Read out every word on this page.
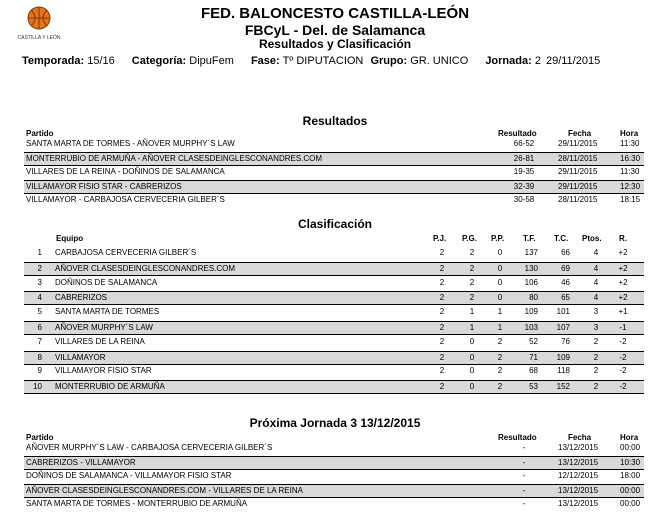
CASTILLA Y LEÓN
FED. BALONCESTO CASTILLA-LEÓN
FBCyL - Del. de Salamanca
Resultados y Clasificación
Temporada: 15/16 Categoría: DipuFem Fase: Tº DIPUTACION Grupo: GR. UNICO Jornada: 2 29/11/2015
Resultados
Partido	Resultado	Fecha	Hora
SANTA MARTA DE TORMES - AÑOVER MURPHY´S LAW	66-52	29/11/2015	11:30
MONTERRUBIO DE ARMUÑA - AÑOVER CLASESDEINGLESCONANDRES.COM	26-81	28/11/2015	16:30
VILLARES DE LA REINA - DOÑINOS DE SALAMANCA	19-35	29/11/2015	11:30
VILLAMAYOR FISIO STAR - CABRERIZOS	32-39	29/11/2015	12:30
VILLAMAYOR - CARBAJOSA CERVECERIA GILBER´S	30-58	28/11/2015	18:15
Clasificación
Equipo	P.J. P.G. P.P. T.F. T.C. Ptos. R.
1 CARBAJOSA CERVECERIA GILBER´S	2	2	0	137	66	4	+2
2 AÑOVER CLASESDEINGLESCONANDRES.COM	2	2	0	130	69	4	+2
3 DOÑINOS DE SALAMANCA	2	2	0	106	46	4	+2
4 CABRERIZOS	2	2	0	80	65	4	+2
5 SANTA MARTA DE TORMES	2	1	1	109	101	3	+1
6 AÑOVER MURPHY´S LAW	2	1	1	103	107	3	-1
7 VILLARES DE LA REINA	2	0	2	52	76	2	-2
8 VILLAMAYOR	2	0	2	71	109	2	-2
9 VILLAMAYOR FISIO STAR	2	0	2	68	118	2	-2
10 MONTERRUBIO DE ARMUÑA	2	0	2	53	152	2	-2
Próxima Jornada 3 13/12/2015
Partido	Resultado	Fecha	Hora
AÑOVER MURPHY´S LAW - CARBAJOSA CERVECERIA GILBER´S	-	13/12/2015	00:00
CABRERIZOS - VILLAMAYOR	-	13/12/2015	10:30
DOÑINOS DE SALAMANCA - VILLAMAYOR FISIO STAR	-	12/12/2015	18:00
AÑOVER CLASESDEINGLESCONANDRES.COM - VILLARES DE LA REINA	-	13/12/2015	00:00
SANTA MARTA DE TORMES - MONTERRUBIO DE ARMUÑA	-	13/12/2015	00:00
